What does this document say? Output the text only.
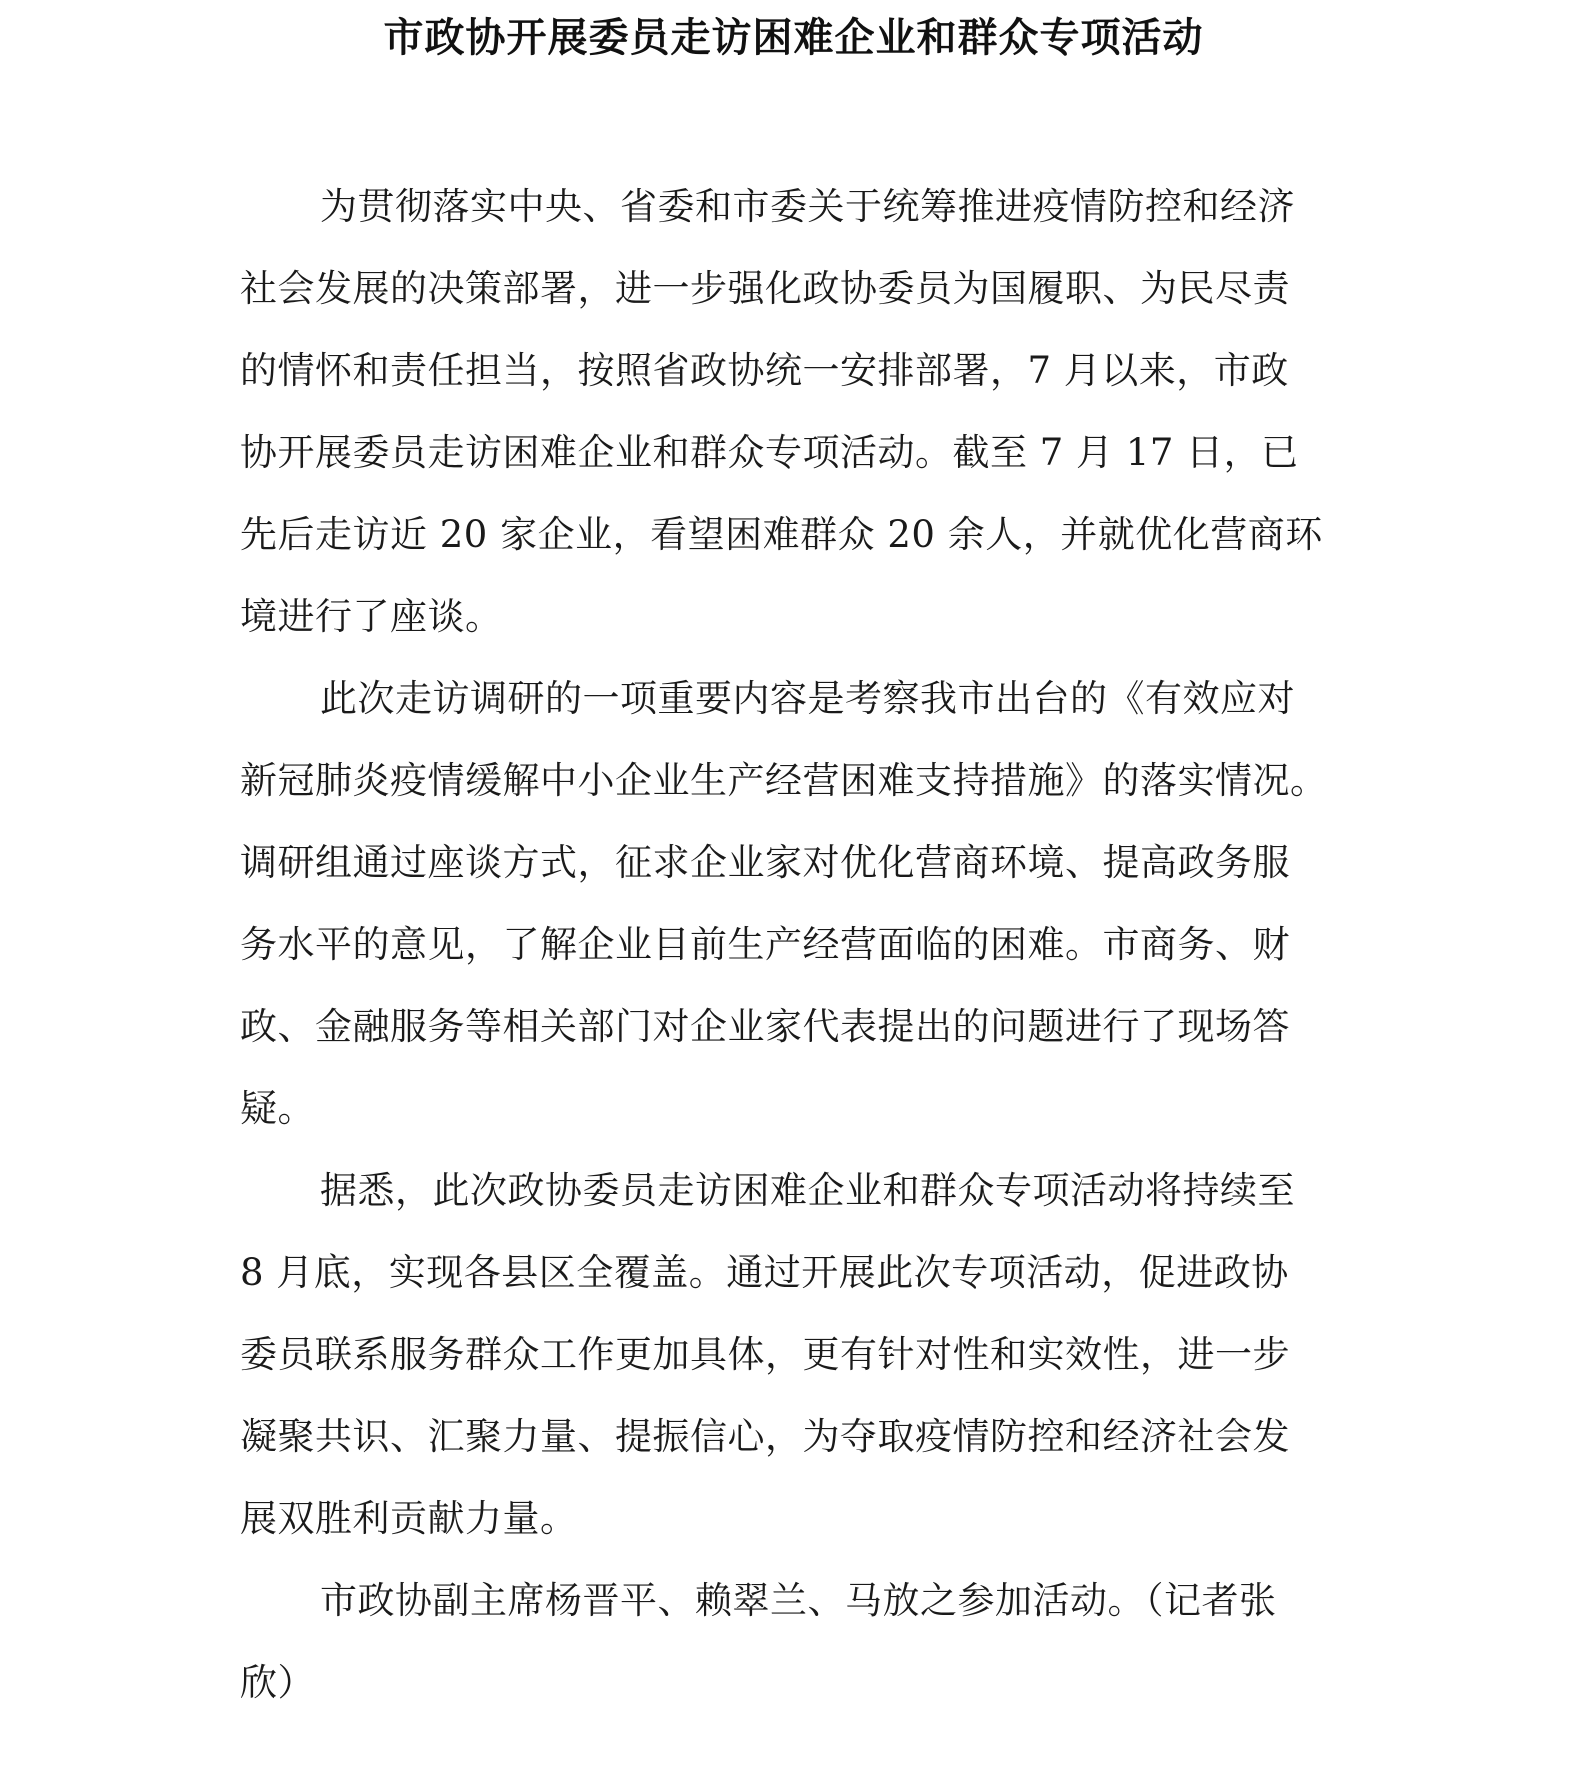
市政协开展委员走访困难企业和群众专项活动
为贯彻落实中央、省委和市委关于统筹推进疫情防控和经济
社会发展的决策部署，进一步强化政协委员为国履职、为民尽责
的情怀和责任担当，按照省政协统一安排部署，7 月以来，市政
协开展委员走访困难企业和群众专项活动。截至 7 月 17 日，已
先后走访近 20 家企业，看望困难群众 20 余人，并就优化营商环
境进行了座谈。
此次走访调研的一项重要内容是考察我市出台的《有效应对
新冠肺炎疫情缓解中小企业生产经营困难支持措施》的落实情况。
调研组通过座谈方式，征求企业家对优化营商环境、提高政务服
务水平的意见，了解企业目前生产经营面临的困难。市商务、财
政、金融服务等相关部门对企业家代表提出的问题进行了现场答
疑。
据悉，此次政协委员走访困难企业和群众专项活动将持续至
8 月底，实现各县区全覆盖。通过开展此次专项活动，促进政协
委员联系服务群众工作更加具体，更有针对性和实效性，进一步
凝聚共识、汇聚力量、提振信心，为夺取疫情防控和经济社会发
展双胜利贡献力量。
市政协副主席杨晋平、赖翠兰、马放之参加活动。（记者张
欣）
